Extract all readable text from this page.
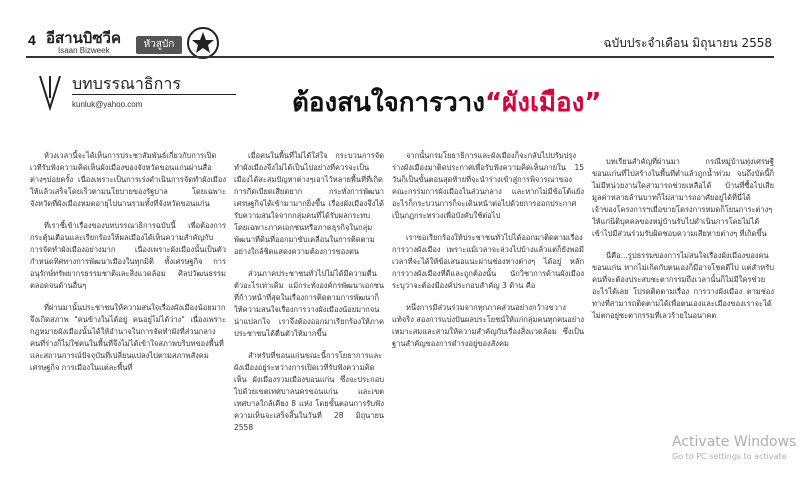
4 อีสานบิซวีค
Isaan Bizweek
หัวสูบัก	ฉบับประจำเดือน มิถุนายน 2558
บทบรรณาธิการ
kunluk@yahoo.com	ต้องสนใจการวาง“ผังเมือง”

ห้วงเวลานี้จะได้เห็นการประชาสัมพันธ์เกี่ยวกับการเปิดเวทีรับฟังความคิดเห็นผังเมืองของจังหวัดขอนแก่นผ่านสื่อต่างๆบ่อยครั้ง เนื่องเพราะเป็นการเร่งดำเนินการจัดทำผังเมืองให้แล้วเสร็จโดยเร็วตามนโยบายของรัฐบาล โดยเฉพาะจังหวัดที่ผังเมืองหมดอายุไปนานรวมทั้งที่จังหวัดขอนแก่น

ที่เราชี้เข้าเรื่องของบทบรรณาธิการฉบับนี้ เพื่อต้องการกระตุ้นเตือนและเรียกร้องให้ผลเมืองได้เห็นความสำคัญกับการจัดทำผังเมืองอย่างมาก เนื่องเพราะผังเมืองนั้นเป็นตัวกำหนดทิศทางการพัฒนาเมืองในทุกมิติ ทั้งเศรษฐกิจ การอนุรักษ์ทรัพยากรธรรมชาติและสิ่งแวดล้อม ศิลปวัฒนธรรมตลอดจนด้านอื่นๆ

ที่ผ่านมานั้นประชาชนให้ความสนใจเรื่องผังเมืองน้อยมากจึงเกิดสภาพ "คนข้างในได้อยู่ คนอยู่ไม่ได้ว่าง" เนื่องเพราะกฎหมายผังเมืองนั้นได้ให้อำนาจในการจัดทำผังที่ส่วนกลาง คนที่ร่างก็ไม่ใช่คนในพื้นที่จึงไม่ได้เข้าใจสภาพบริบทของพื้นที่และสถานการณ์ปัจจุบันที่เปลี่ยนแปลงไปตามสภาพสังคม เศรษฐกิจ การเมืองในแต่ละพื้นที่

เมื่อคนในพื้นที่ไม่ได้ใส่ใจ กระบวนการจัดทำผังเมืองจึงไม่ได้เป็นไปอย่างที่ควรจะเป็น เมืองได้สะสมปัญหาต่างๆเอาไว้หลายพื้นที่ที่เกิดการกีดเบียดเสียดยาก กระทั่งการพัฒนาเศรษฐกิจได้เข้ามามากยิ่งขึ้น เรื่องผังเมืองจึงได้รับความสนใจจากกลุ่มคนที่ได้รับผลกระทบ โดยเฉพาะภาคเอกชนหรือภาคธุรกิจในกลุ่มพัฒนาที่ดินที่ออกมาขับเคลื่อนในการติดตามอย่างใกล้ชิดแสดงความต้องการของตน

ส่วนภาคประชาชนทั่วไปไม่ได้มีความตื่นตัวอะไรเท่าเดิม แม้กระทั่งองค์กรพัฒนาเอกชนที่ก้าวหน้าที่สุดในเรื่องการติดตามการพัฒนาก็ให้ความสนใจเรื่องการวางผังเมืองน้อยมากจนน่าแปลกใจ เราจึงต้องออกมาเรียกร้องให้ภาคประชาชนได้ตื่นตัวให้มากขึ้น

สำหรับที่ขอนแก่นขณะนี้การโยธาการและผังเมืองอยู่ระหว่างการเปิดเวทีรับฟังความคิดเห็น ผังเมืองรวมเมืองขอนแก่น ซึ่งจะประกอบไปด้วยเขตเทศบาลนครขอนแก่น และเขตเทศบาลใกล้เคียง 8 แห่ง โดยขั้นตอนการรับฟังความเห็นจะเสร็จสิ้นในวันที่ 28 มิถุนายน 2558

จากนั้นกรมโยธาธิการและผังเมืองก็จะกลับไปปรับปรุงร่างผังเมืองมาติดประกาศเพื่อรับฟังความคิดเห็นภายใน 15 วันก็เป็นขั้นตอนสุดท้ายที่จะนำร่างเข้าสู่การพิจารณาของคณะกรรมการผังเมืองในส่วนกลาง และหากไม่มีข้อโต้แย้งอะไรก็กระบวนการก็จะเดินหน้าต่อไปด้วยการออกประกาศเป็นกฎกระทรวงเพื่อบังคับใช้ต่อไป

เราขอเรียกร้องให้ประชาชนทั่วไปได้ออกมาติดตามเรื่องการวางผังเมือง เพราะแม้เวลาจะล่วงไปบ้างแล้วแต่ก็ยังพอมีเวลาที่จะได้ให้ข้อเสนอแนะผ่านช่องทางต่างๆ ได้อยู่ หลักการวางผังเมืองที่ดีและถูกต้องนั้น นักวิชาการด้านผังเมืองระบุว่าจะต้องมีองค์ประกอบสำคัญ 3 ด้าน คือ

หนึ่งการมีส่วนร่วมจากทุกภาคส่วนอย่างกว้างขวางแท้จริง สองการแบ่งปันผลประโยชน์ให้แก่กลุ่มคนทุกคนอย่างเหมาะสมและสามให้ความสำคัญกับเรื่องสิ่งแวดล้อม ซึ่งเป็นฐานสำคัญของการดำรงอยู่ของสังคม

บทเรียนสำคัญที่ผ่านมา กรณีหมู่บ้านทุ่งเศรษฐี ขอนแก่นที่ไปสร้างในพื้นที่ต่ำแล้วถูกน้ำท่วม จนถึงบัดนี้ก็ไม่มีหน่วยงานใดสามารถช่วยเหลือได้ บ้านที่ซื้อไปเสียมูลค่าหลายล้านบาทก็ไม่สามารถอาศัยอยู่ได้ที่นี่ได้ เจ้าของโครงการฯเมื่อขายโครงการหมดก็โยนภาระต่างๆ ให้แก่นิติบุคคลของหมู่บ้านรับไปดำเนินการโดยไม่ได้เข้าไปมีส่วนร่วมรับผิดชอบความเสียหายต่างๆ ที่เกิดขึ้น

นี่คือ...รูปธรรมของการไม่สนใจเรื่องผังเมืองของคนขอนแก่น หากไม่เกิดกับตนเองก็มีอาจโชคดีไป แต่สำหรับคนที่จะต้องประสบชะตากรรมถึงเวลานั้นก็ไม่มีใครช่วยอะไรได้เลย โปรดติดตามเรื่อง การวางผังเมือง ตามช่องทางที่สามารถติดตามได้เพื่อตนเองและเมืองของเราจะได้ไม่ตกอยู่ชะตากรรมที่เลวร้ายในอนาคต

Activate Windows
Go to PC settings to activate
